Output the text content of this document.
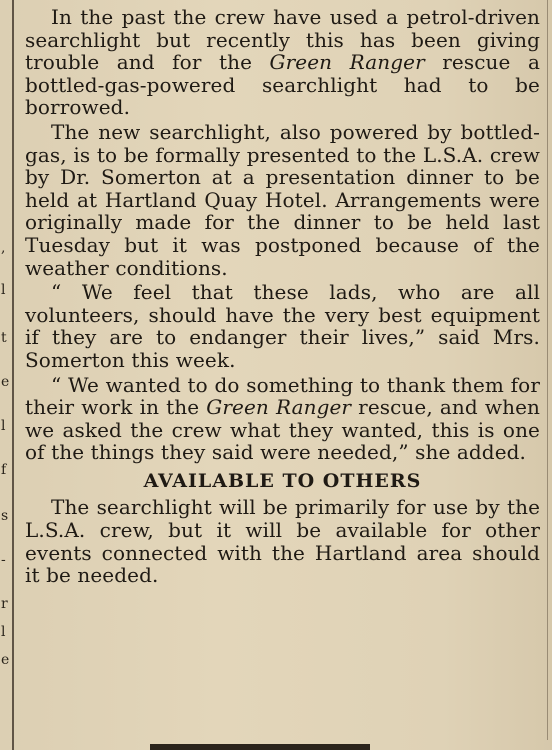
,
l
t
e
l
f
s
-
r
l
e

In the past the crew have used a petrol-driven searchlight but recently this has been giving trouble and for the Green Ranger rescue a bottled-gas-powered searchlight had to be borrowed.

The new searchlight, also powered by bottled-gas, is to be formally presented to the L.S.A. crew by Dr. Somerton at a presentation dinner to be held at Hartland Quay Hotel. Arrangements were originally made for the dinner to be held last Tuesday but it was postponed because of the weather conditions.

“ We feel that these lads, who are all volunteers, should have the very best equipment if they are to endanger their lives,” said Mrs. Somerton this week.

“ We wanted to do something to thank them for their work in the Green Ranger rescue, and when we asked the crew what they wanted, this is one of the things they said were needed,” she added.

AVAILABLE TO OTHERS

The searchlight will be primarily for use by the L.S.A. crew, but it will be available for other events connected with the Hartland area should it be needed.
